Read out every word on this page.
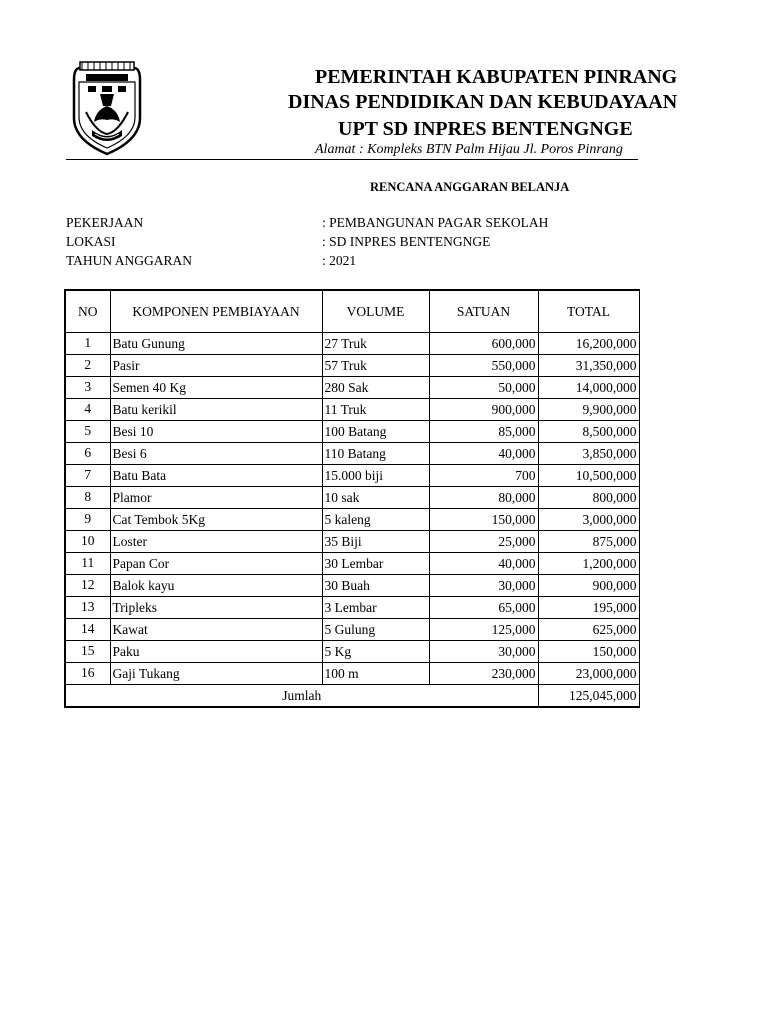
PEMERINTAH KABUPATEN PINRANG
DINAS PENDIDIKAN DAN KEBUDAYAAN
UPT SD INPRES BENTENGNGE
Alamat : Kompleks BTN Palm Hijau Jl. Poros Pinrang
RENCANA ANGGARAN BELANJA
PEKERJAAN	: PEMBANGUNAN PAGAR SEKOLAH
LOKASI	: SD INPRES BENTENGNGE
TAHUN ANGGARAN	: 2021
NO	KOMPONEN PEMBIAYAAN	VOLUME	SATUAN	TOTAL
1	Batu Gunung	27 Truk	600,000	16,200,000
2	Pasir	57 Truk	550,000	31,350,000
3	Semen 40 Kg	280 Sak	50,000	14,000,000
4	Batu kerikil	11 Truk	900,000	9,900,000
5	Besi 10	100 Batang	85,000	8,500,000
6	Besi 6	110 Batang	40,000	3,850,000
7	Batu Bata	15.000 biji	700	10,500,000
8	Plamor	10 sak	80,000	800,000
9	Cat Tembok 5Kg	5 kaleng	150,000	3,000,000
10	Loster	35 Biji	25,000	875,000
11	Papan Cor	30 Lembar	40,000	1,200,000
12	Balok kayu	30 Buah	30,000	900,000
13	Tripleks	3 Lembar	65,000	195,000
14	Kawat	5 Gulung	125,000	625,000
15	Paku	5 Kg	30,000	150,000
16	Gaji Tukang	100 m	230,000	23,000,000
Jumlah				125,045,000
